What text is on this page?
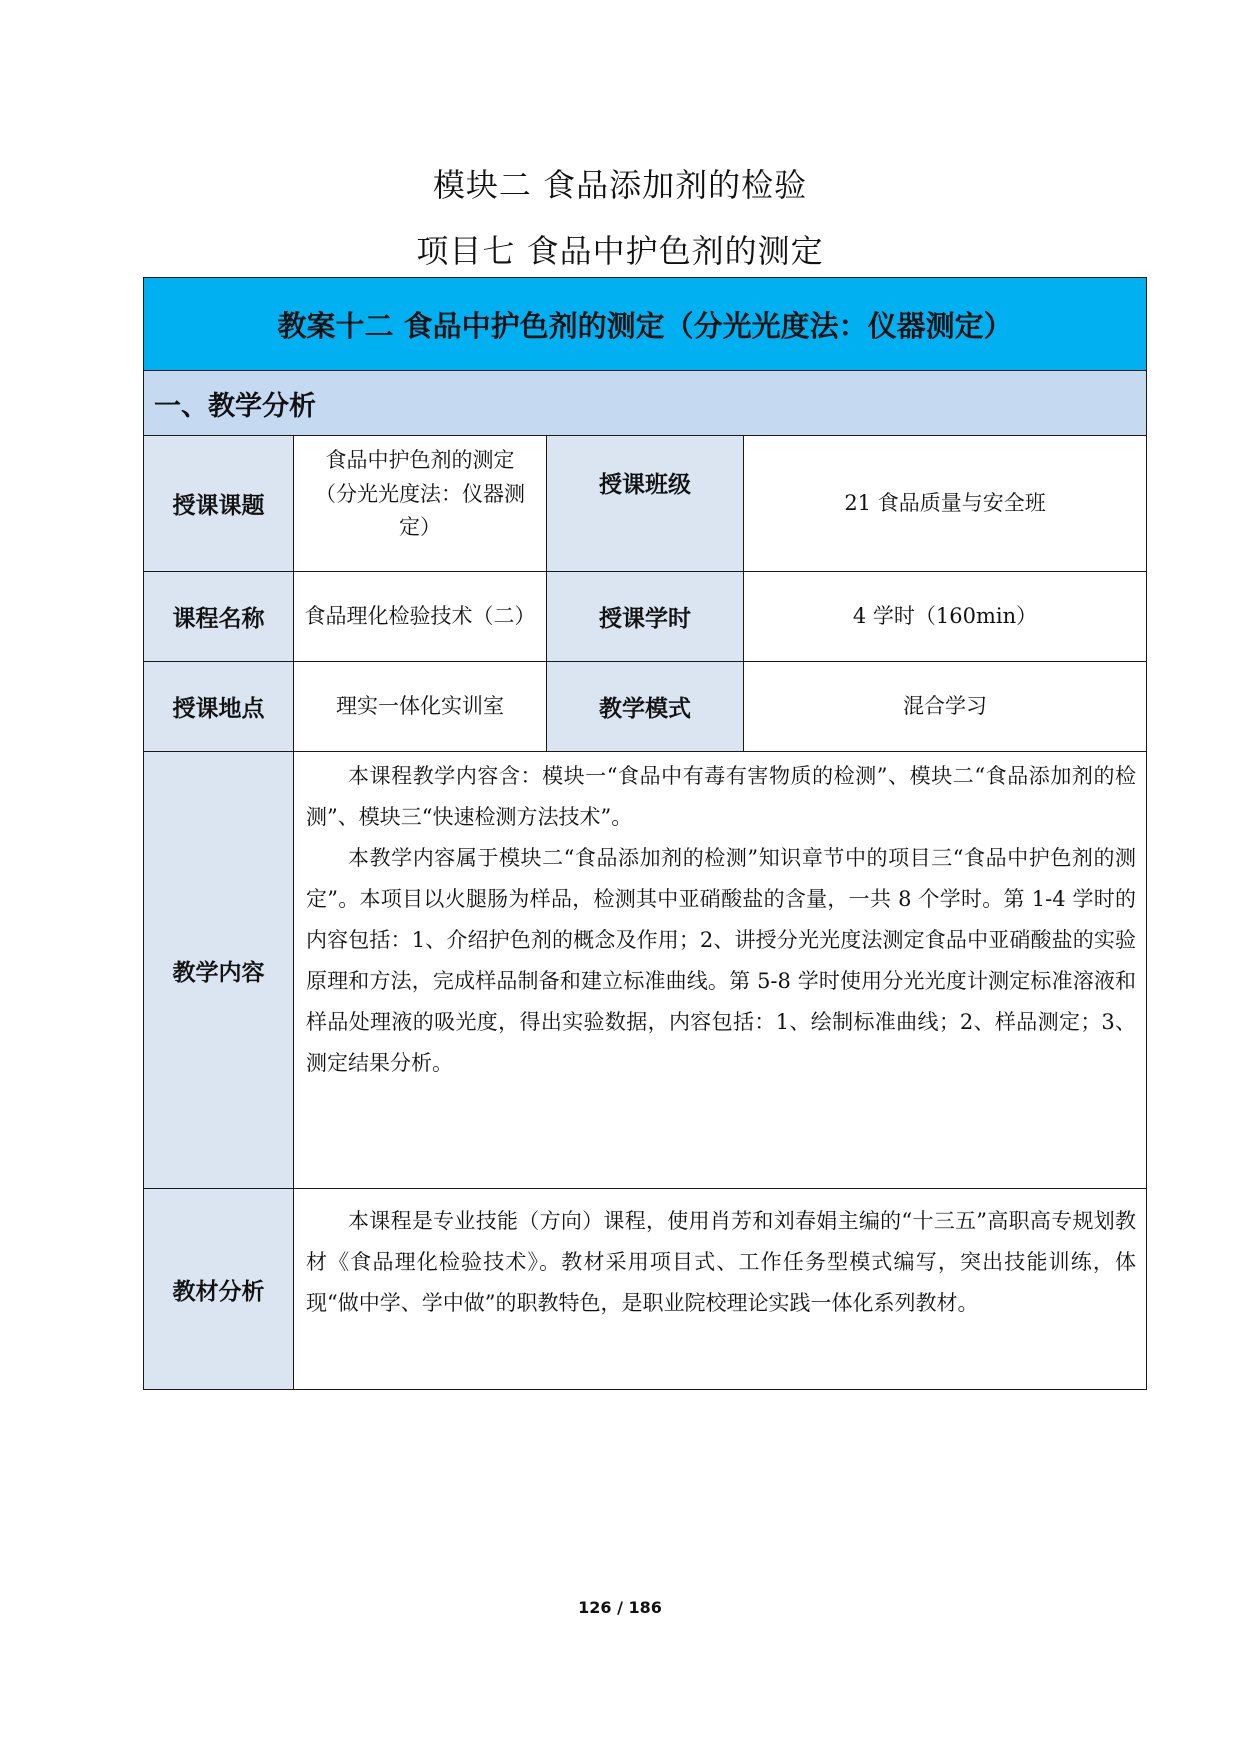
模块二 食品添加剂的检验
项目七 食品中护色剂的测定
教案十二 食品中护色剂的测定（分光光度法：仪器测定）			
一、教学分析			
授课课题	食品中护色剂的测定（分光光度法：仪器测定）	授课班级	21 食品质量与安全班
课程名称	食品理化检验技术（二）	授课学时	4 学时（160min）
授课地点	理实一体化实训室	教学模式	混合学习
教学内容	本课程教学内容含：模块一“食品中有毒有害物质的检测”、模块二“食品添加剂的检测”、模块三“快速检测方法技术”。

本教学内容属于模块二“食品添加剂的检测”知识章节中的项目三“食品中护色剂的测定”。本项目以火腿肠为样品，检测其中亚硝酸盐的含量，一共 8 个学时。第 1-4 学时的内容包括：1、介绍护色剂的概念及作用；2、讲授分光光度法测定食品中亚硝酸盐的实验原理和方法，完成样品制备和建立标准曲线。第 5-8 学时使用分光光度计测定标准溶液和样品处理液的吸光度，得出实验数据，内容包括：1、绘制标准曲线；2、样品测定；3、测定结果分析。		

教材分析	本课程是专业技能（方向）课程，使用肖芳和刘春娟主编的“十三五”高职高专规划教材《食品理化检验技术》。教材采用项目式、工作任务型模式编写，突出技能训练，体现“做中学、学中做”的职教特色，是职业院校理论实践一体化系列教材。		

126 / 186
